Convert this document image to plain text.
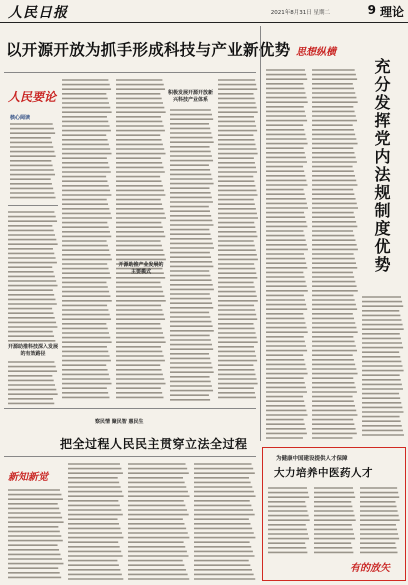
人民日报	2021年8月31日 星期二	9 理论
以开源开放为抓手形成科技与产业新优势
人民要论
核心阅读
开源助推科技深入发展的有效路径
积极发展开源开放新兴科技产业体系
开源助推产业发展的主要模式
思想纵横
充分发挥党内法规制度优势
为健康中国建设提供人才保障
大力培养中医药人才
有的放矢
察民情 聚民智 惠民生
把全过程人民民主贯穿立法全过程
新知新觉
